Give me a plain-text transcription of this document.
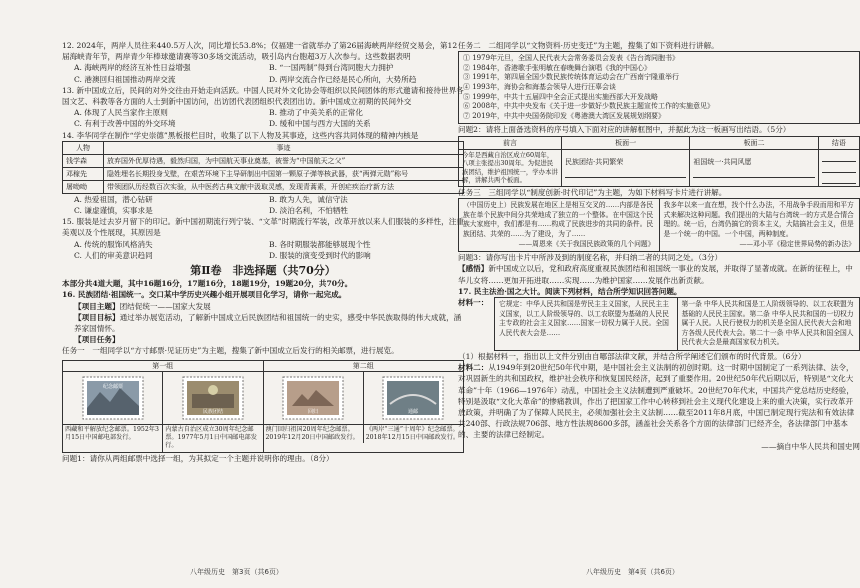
12. 2024年，两岸人员往来440.5万人次，同比增长53.8%；仅福建一省就举办了第26届海峡两岸经贸交易会，第12届海峡青年节，两岸青少年棒球邀请赛等30多场交流活动，吸引岛内台胞超3万人次参与。这些数据表明

A. 海峡两岸的经济互补性日益增强	B. “一国两制”得到台湾同胞大力拥护
C. 港澳回归祖国推动两岸交流	D. 两岸交流合作已经是民心所向，大势所趋

13. 新中国成立后，民间的对外交往由开始走向活跃。中国人民对外文化协会等组织以民间团体的形式邀请和接待世界各国文艺、科教等各方面的人士到新中国访问，出访团代表团组织代表团出访。新中国成立初期的民间外交

A. 体现了人民当家作主原则	B. 推动了中美关系的正常化
C. 有利于改善中国的外交环境	D. 缓和中国与西方大国的关系

14. 李华同学在制作“学史崇德”黑板报栏目时，收集了以下人物及其事迹，这些内容共同体现的精神内核是

人物	事迹
钱学森	放弃国外优厚待遇，毅然归国，为中国航天事业奠基，被誉为“中国航天之父”
邓稼先	隐姓埋名长期投身戈壁，在艰苦环境下主导研制出中国第一颗原子弹等核武器，获“两弹元勋”称号
屠呦呦	带领团队历经数百次实验，从中医药古典文献中汲取灵感，发现青蒿素，开创疟疾治疗新方法
A. 热爱祖国，潜心钻研	B. 敢为人先，诚信守法
C. 谦虚谨慎，实事求是	D. 淡泊名利，不怕牺牲

15. 服装是过去岁月留下的印记。新中国初期流行列宁装、“文革”时期流行军装，改革开放以来人们服装的多样性，注重美观以及个性展现，其原因是

A. 传统的服饰风格消失	B. 各时期服装都能够展现个性
C. 人们的审美意识趋同	D. 服装的演变受到时代的影响
第Ⅱ卷　非选择题（共70分）

本部分共4道大题，其中16题16分，17题16分，18题19分，19题20分，共70分。

16. 民族团结·祖国统一。交口某中学历史兴趣小组开展项目化学习，请你一起完成。

【项目主题】团结促统一——国家大发展

【项目目标】通过举办展览活动，了解新中国成立后民族团结和祖国统一的史实，感受中华民族取得的伟大成就，涵养家国情怀。

【项目任务】

任务一　一组同学以“方寸邮票·见证历史”为主题，搜集了新中国成立后发行的相关邮票，进行展览。

第一组
纪念邮票
民族团结
西藏和平解放纪念邮票。1952年3月15日中国邮电部发行。
内蒙古自治区成立30周年纪念邮票。1977年5月1日中国邮电部发行。
第二组
回归	通邮
澳门回归祖国20周年纪念邮票。2019年12月20日中国邮政发行。
《两岸“三通”十周年》纪念邮票。2018年12月15日中国邮政发行。

问题1：请你从两组邮票中选择一组，为其拟定一个主题并说明你的理由。（8分）

八年级历史　第3页（共6页）

任务二　二组同学以“文物资料·历史变迁”为主题，搜集了如下资料进行讲解。

① 1979年元旦，全国人民代表大会常务委员会发表《告台湾同胞书》
② 1984年，香港歌手张明敏在春晚舞台演唱《我的中国心》
③ 1991年，第四届全国少数民族传统体育运动会在广西南宁隆重举行
④ 1993年，海协会和海基会领导人进行汪辜会谈
⑤ 1999年，中共十五届四中全会正式提出实施西部大开发战略
⑥ 2008年，中共中央发布《关于进一步做好少数民族主题宣传工作的实施意见》
⑦ 2019年，中共中央国务院印发《粤港澳大湾区发展规划纲要》

问题2：请将上面备选资料的序号填入下面对应的讲解框图中，并据此为这一板画写出结语。（5分）

前言	板面一	板面二	结语
今年是西藏自治区成立60周年，八项主张提出30周年。为促进民族团结，维护祖国统一，学办本讲解，讲解共两个板面。	民族团结·共同繁荣	祖国统一·共同风愿

任务三　三组同学以“制度创新·时代印记”为主题，为如下材料写卡片进行讲解。

（中国历史上）民族发展在地区上是相互交叉的……内部是各民族在单个民族中间分共荣地成了独立的一个整体。在中国这个民族大家庭中，我们都是有……构成了民族进步的共同的条件。民族团结、共荣的……为了建设，为了……
——周恩来《关于我国民族政策的几个问题》
我多年以来一直在想，找个什么办法，不用战争手段而用和平方式来解决这种问题。我们提出的大陆与台湾统一的方式是合情合理的。统一后，台湾仍搞它的资本主义，大陆搞社会主义，但是是一个统一的中国。一个中国，两种制度。
——邓小平《稳定世界局势的新办法》

问题3：请你写出卡片中所涉及到的制度名称，并归纳二者的共同之处。（3分）

【感悟】新中国成立以后，党和政府高度重视民族团结和祖国统一事业的发展，并取得了显著成就。在新的征程上，中华儿女将……更加开拓进取……实现……为维护国家……发展作出新贡献。

17. 民主法治·国之大计。阅读下列材料，结合所学知识回答问题。

材料一：	它规定：中华人民共和国是劳民主主义国家，人民民主主义国家，以工人阶级领导的、以工农联盟为基础的人民民主专政的社会主义国家……国家一切权力属于人民。全国人民代表大会是……
第一条 中华人民共和国是工人阶级领导的、以工农联盟为基础的人民民主国家。第二条 中华人民共和国的一切权力属于人民。人民行使权力的机关是全国人民代表大会和地方各级人民代表大会。第二十一条 中华人民共和国全国人民代表大会是最高国家权力机关。

（1）根据材料一，指出以上文件分别由自哪部法律文献，并结合所学阐述它们颁布的时代背景。（6分）

材料二：从1949年到20世纪50年代中期，是中国社会主义法制的初创时期。这一时期中国制定了一系列法律、法令，对巩固新生的共和国政权，维护社会秩序和恢复国民经济，起到了重要作用。20世纪50年代后期以后，特别是“文化大革命”十年（1966—1976年）动乱，中国社会主义法制遭到严重破坏。20世纪70年代末，中国共产党总结历史经验，特别是汲取“文化大革命”的惨痛教训，作出了把国家工作中心转移到社会主义现代化建设上来的重大决策，实行改革开放政策，并明确了为了保障人民民主，必须加强社会主义法制……截至2011年8月底，中国已制定现行宪法和有效法律共240部、行政法规706部、地方性法规8600多部，涵盖社会关系各个方面的法律部门已经齐全，各法律部门中基本的、主要的法律已经制定。

——摘自中华人民共和国史网

八年级历史　第4页（共6页）
